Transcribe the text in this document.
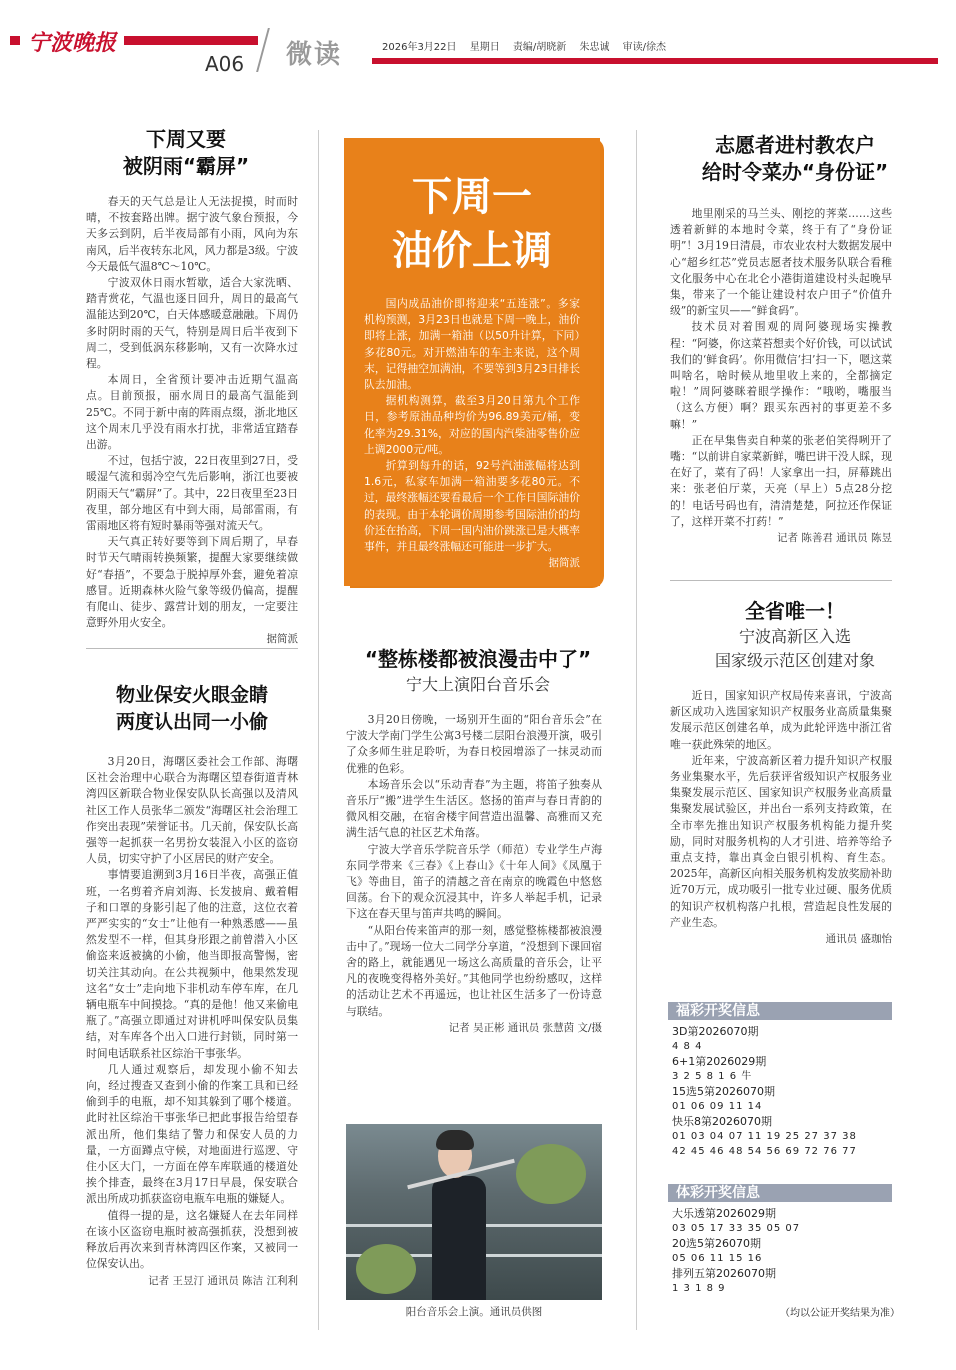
宁波晚报
A06 微读	2026年3月22日 星期日 责编/胡晓新 朱忠诚 审读/徐杰
下周又要
被阴雨“霸屏”

春天的天气总是让人无法捉摸，时而时晴，不按套路出牌。据宁波气象台预报，今天多云到阴，后半夜局部有小雨，风向为东南风，后半夜转东北风，风力都是3级。宁波今天最低气温8℃～10℃。

宁波双休日雨水暂歇，适合大家洗晒、踏青赏花，气温也逐日回升，周日的最高气温能达到20℃，白天体感暖意融融。下周仍多时阴时雨的天气，特别是周日后半夜到下周二，受到低涡东移影响，又有一次降水过程。

本周日，全省预计要冲击近期气温高点。目前预报，丽水周日的最高气温能到25℃。不同于新中南的阵雨点缀，浙北地区这个周末几乎没有雨水打扰，非常适宜踏春出游。

不过，包括宁波，22日夜里到27日，受暖湿气流和弱冷空气先后影响，浙江也要被阴雨天气“霸屏”了。其中，22日夜里至23日夜里，部分地区有中到大雨，局部雷雨，有雷雨地区将有短时暴雨等强对流天气。

天气真正转好要等到下周后期了，早春时节天气晴雨转换频繁，提醒大家要继续做好“春捂”，不要急于脱掉厚外套，避免着凉感冒。近期森林火险气象等级仍偏高，提醒有爬山、徒步、露营计划的朋友，一定要注意野外用火安全。

据简派
物业保安火眼金睛
两度认出同一小偷

3月20日，海曙区委社会工作部、海曙区社会治理中心联合为海曙区望春街道青林湾四区新联合物业保安队队长高强以及清风社区工作人员张华二颁发“海曙区社会治理工作突出表现”荣誉证书。几天前，保安队长高强等一起抓获一名男扮女装混入小区的盗窃人员，切实守护了小区居民的财产安全。

事情要追溯到3月16日半夜，高强正值班，一名剪着齐肩刘海、长发披肩、戴着帽子和口罩的身影引起了他的注意，这位衣着严严实实的“女士”让他有一种熟悉感——虽然发型不一样，但其身形跟之前曾潜入小区偷盗来返被擒的小偷，他当即报高警惕，密切关注其动向。在公共视频中，他果然发现这名“女士”走向地下非机动车停车库，在几辆电瓶车中间摸捻。“真的是他！他又来偷电瓶了。”高强立即通过对讲机呼叫保安队员集结，对车库各个出入口进行封锁，同时第一时间电话联系社区综治干事张华。

几人通过观察后，却发现小偷不知去向，经过搜查又查到小偷的作案工具和已经偷到手的电瓶，却不知其躲到了哪个楼道。此时社区综治干事张华已把此事报告给望春派出所，他们集结了警力和保安人员的力量，一方面蹲点守候，对地面进行巡逻、守住小区大门，一方面在停车库联通的楼道处挨个排查，最终在3月17日早晨，保安联合派出所成功抓获盗窃电瓶车电瓶的嫌疑人。

值得一提的是，这名嫌疑人在去年同样在该小区盗窃电瓶时被高强抓获，没想到被释放后再次来到青林湾四区作案，又被同一位保安认出。

记者 王昱汀 通讯员 陈洁 江利利
下周一
油价上调

国内成品油价即将迎来“五连涨”。多家机构预测，3月23日也就是下周一晚上，油价即将上涨，加满一箱油（以50升计算，下同）多花80元。对开燃油车的车主来说，这个周末，记得抽空加满油，不要等到3月23日排长队去加油。

据机构测算，截至3月20日第九个工作日，参考原油品种均价为96.89美元/桶，变化率为29.31%，对应的国内汽柴油零售价应上调2000元/吨。

折算到每升的话，92号汽油涨幅将达到1.6元，私家车加满一箱油要多花80元。不过，最终涨幅还要看最后一个工作日国际油价的表现。由于本轮调价周期参考国际油价的均价还在抬高，下周一国内油价跳涨已是大概率事件，并且最终涨幅还可能进一步扩大。

据简派
“整栋楼都被浪漫击中了”
宁大上演阳台音乐会

3月20日傍晚，一场别开生面的“阳台音乐会”在宁波大学南门学生公寓3号楼二层阳台浪漫开演，吸引了众多师生驻足聆听，为春日校园增添了一抹灵动而优雅的色彩。

本场音乐会以“乐动青春”为主题，将笛子独奏从音乐厅“搬”进学生生活区。悠扬的笛声与春日青韵的微风相交融，在宿舍楼宇间营造出温馨、高雅而又充满生活气息的社区艺术角落。

宁波大学音乐学院音乐学（师范）专业学生卢海东同学带来《三春》《上春山》《十年人间》《凤凰于飞》等曲目，笛子的清越之音在南京的晚霞色中悠悠回荡。台下的观众沉浸其中，许多人举起手机，记录下这在春天里与笛声共鸣的瞬间。

“从阳台传来笛声的那一刻，感觉整栋楼都被浪漫击中了。”现场一位大二同学分享道，“没想到下课回宿舍的路上，就能遇见一场这么高质量的音乐会，让平凡的夜晚变得格外美好。”其他同学也纷纷感叹，这样的活动让艺术不再遥远，也让社区生活多了一份诗意与联结。

记者 吴正彬 通讯员 张慧茵 文/摄
阳台音乐会上演。通讯员供图
志愿者进村教农户
给时令菜办“身份证”

地里刚采的马兰头、刚挖的荠菜……这些透着新鲜的本地时令菜，终于有了“身份证明”！3月19日清晨，市农业农村大数据发展中心“超乡红芯”党员志愿者技术服务队联合看稚文化服务中心在北仑小港街道建设村头起晚早集，带来了一个能让建设村农户田子“价值升级”的新宝贝——“鲜食码”。

技术员对着围观的周阿婆现场实操教程：“阿婆，你这菜苔想卖个好价钱，可以试试我们的‘鲜食码’。你用微信‘扫’扫一下，嗯这菜叫啥名，啥时候从地里收上来的，全都摘定啦！”周阿婆眯着眼学操作：“哦哟，嘴服当（这么方便）啊？跟买东西衬的事更差不多嘛！”

正在早集售卖自种菜的张老伯笑得咧开了嘴：“以前讲自家菜新鲜，嘴巴讲干没人睬，现在好了，菜有了码！人家拿出一扫，屏幕跳出来：张老伯厅菜，天亮（早上）5点28分挖的！电话号码也有，清清楚楚，阿拉还作保证了，这样开菜不打药！”

记者 陈善君 通讯员 陈昱
全省唯一！
宁波高新区入选
国家级示范区创建对象

近日，国家知识产权局传来喜讯，宁波高新区成功入选国家知识产权服务业高质量集聚发展示范区创建名单，成为此轮评选中浙江省唯一获此殊荣的地区。

近年来，宁波高新区着力提升知识产权服务业集聚水平，先后获评省级知识产权服务业集聚发展示范区、国家知识产权服务业高质量集聚发展试验区，并出台一系列支持政策，在全市率先推出知识产权服务机构能力提升奖励，同时对服务机构的人才引进、培养等给予重点支持，靠出真金白银引机构、育生态。2025年，高新区向相关服务机构发放奖励补助近70万元，成功吸引一批专业过硬、服务优质的知识产权机构落户扎根，营造起良性发展的产业生态。

通讯员 盛珈怡
福彩开奖信息
3D第2026070期
4 8 4
6+1第2026029期
3 2 5 8 1 6 牛
15选5第2026070期
01 06 09 11 14
快乐8第2026070期
01 03 04 07 11 19 25 27 37 38
42 45 46 48 54 56 69 72 76 77
体彩开奖信息
大乐透第2026029期
03 05 17 33 35 05 07
20选5第26070期
05 06 11 15 16
排列五第2026070期
1 3 1 8 9
（均以公证开奖结果为准）
